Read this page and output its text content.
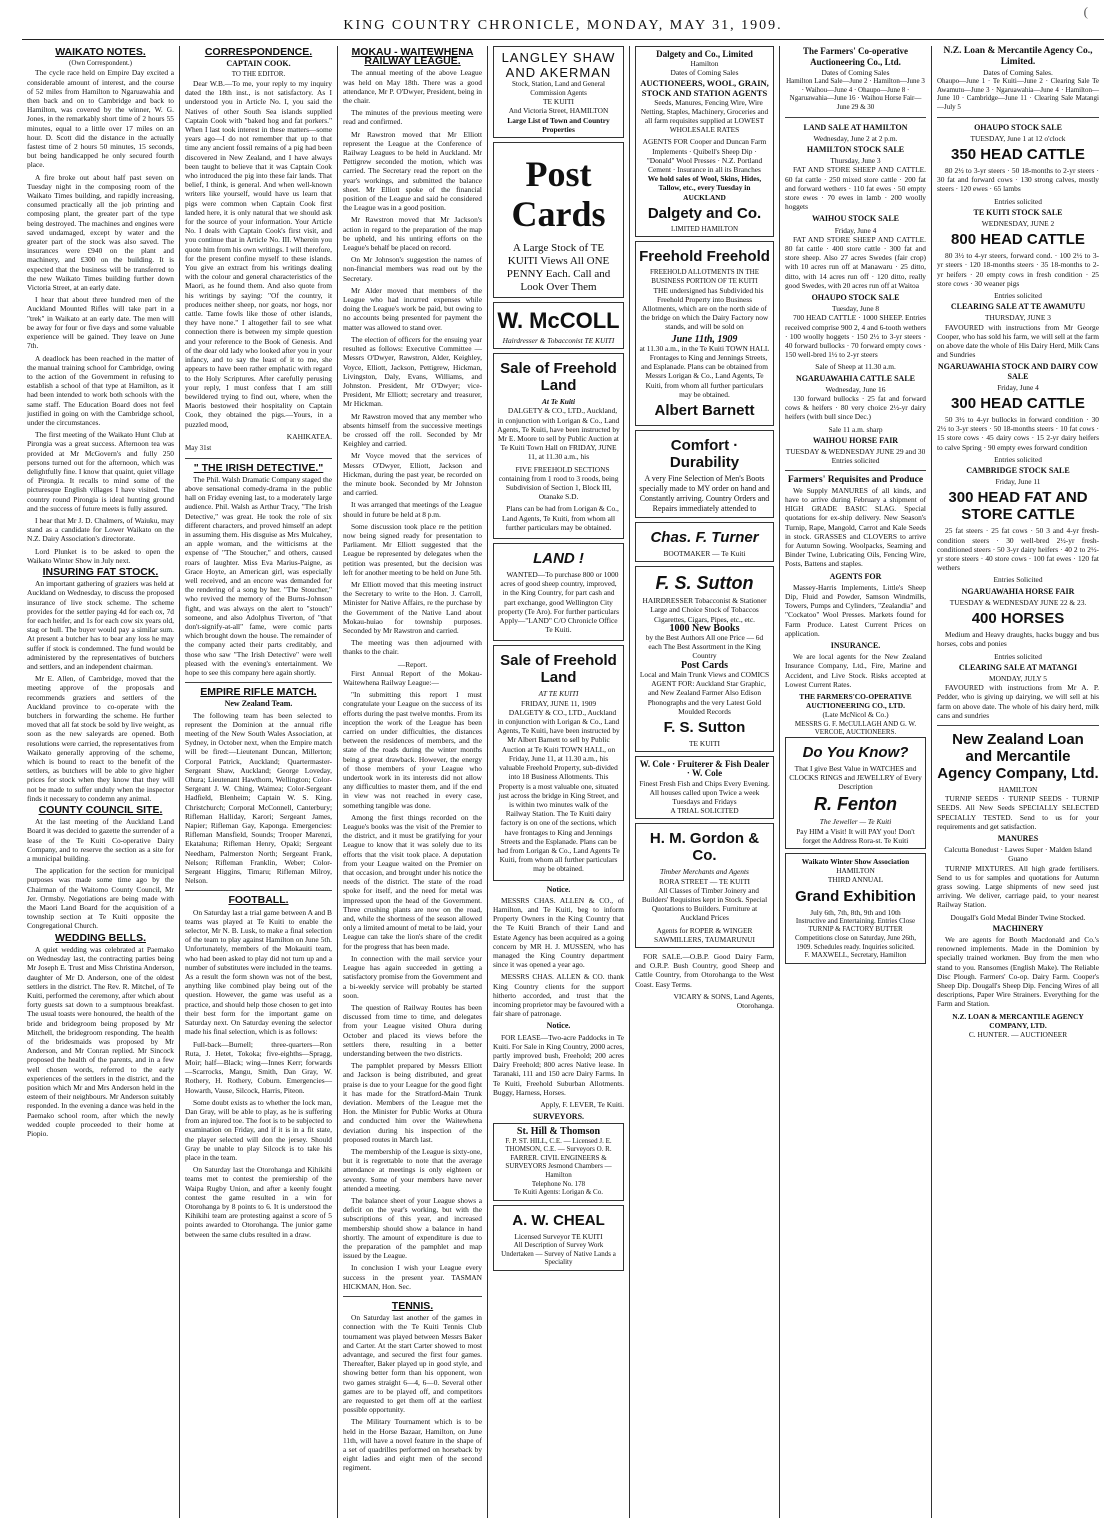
(
KING COUNTRY CHRONICLE, MONDAY, MAY 31, 1909.
WAIKATO NOTES.
(Own Correspondent.)

The cycle race held on Empire Day excited a considerable amount of interest, and the course of 52 miles from Hamilton to Ngaruawahia and then back and on to Cambridge and back to Hamilton, was covered by the winner, W. G. Jones, in the remarkably short time of 2 hours 55 minutes, equal to a little over 17 miles on an hour. D. Scott did the distance in the actually fastest time of 2 hours 50 minutes, 15 seconds, but being handicapped he only secured fourth place.

A fire broke out about half past seven on Tuesday night in the composing room of the Waikato Times building, and rapidly increasing, consumed practically all the job printing and composing plant, the greater part of the type being destroyed. The machines and engines were saved undamaged, except by water and the greater part of the stock was also saved. The insurances were £940 on the plant and machinery, and £300 on the building. It is expected that the business will be transferred to the new Waikato Times building further down Victoria Street, at an early date.

I hear that about three hundred men of the Auckland Mounted Rifles will take part in a "trek" in Waikato at an early date. The men will be away for four or five days and some valuable experience will be gained. They leave on June 7th.

A deadlock has been reached in the matter of the manual training school for Cambridge, owing to the action of the Government in refusing to establish a school of that type at Hamilton, as it had been intended to work both schools with the same staff. The Education Board does not feel justified in going on with the Cambridge school, under the circumstances.

The first meeting of the Waikato Hunt Club at Pirongia was a great success. Afternoon tea was provided at Mr McGovern's and fully 250 persons turned out for the afternoon, which was delightfully fine. I know that quaint, quiet village of Pirongia. It recalls to mind some of the picturesque English villages I have visited. The country round Pirongia is ideal hunting ground and the success of future meets is fully assured.

I hear that Mr J. D. Chalmers, of Waiuku, may stand as a candidate for Lower Waikato on the N.Z. Dairy Association's directorate.

Lord Plunket is to be asked to open the Waikato Winter Show in July next.

INSURING FAT STOCK.

An important gathering of graziers was held at Auckland on Wednesday, to discuss the proposed insurance of live stock scheme. The scheme provides for the settler paying 4d for each ox, 7d for each heifer, and 1s for each cow six years old, stag or bull. The buyer would pay a similar sum. At present a butcher has to bear any loss he may suffer if stock is condemned. The fund would be administered by the representatives of butchers and settlers, and an independent chairman.

Mr E. Allen, of Cambridge, moved that the meeting approve of the proposals and recommends graziers and settlers of the Auckland province to co-operate with the butchers in forwarding the scheme. He further moved that all fat stock be sold by live weight, as soon as the new saleyards are opened. Both resolutions were carried, the representatives from Waikato generally approving of the scheme, which is bound to react to the benefit of the settlers, as butchers will be able to give higher prices for stock when they know that they will not be made to suffer unduly when the inspector finds it necessary to condemn any animal.

COUNTY COUNCIL SITE.

At the last meeting of the Auckland Land Board it was decided to gazette the surrender of a lease of the Te Kuiti Co-operative Dairy Company, and to reserve the section as a site for a municipal building.

The application for the section for municipal purposes was made some time ago by the Chairman of the Waitomo County Council, Mr Jer. Ormsby. Negotiations are being made with the Maori Land Board for the acquisition of a township section at Te Kuiti opposite the Congregational Church.

WEDDING BELLS.

A quiet wedding was celebrated at Paemako on Wednesday last, the contracting parties being Mr Joseph E. Trust and Miss Christina Anderson, daughter of Mr D. Anderson, one of the oldest settlers in the district. The Rev. R. Mitchel, of Te Kuiti, performed the ceremony, after which about forty guests sat down to a sumptuous breakfast. The usual toasts were honoured, the health of the bride and bridegroom being proposed by Mr Mitchell, the bridegroom responding. The health of the bridesmaids was proposed by Mr Anderson, and Mr Conran replied. Mr Sincock proposed the health of the parents, and in a few well chosen words, referred to the early experiences of the settlers in the district, and the position which Mr and Mrs Anderson held in the esteem of their neighbours. Mr Anderson suitably responded. In the evening a dance was held in the Paemako school room, after which the newly wedded couple proceeded to their home at Piopio.

CORRESPONDENCE.
CAPTAIN COOK.
TO THE EDITOR.

Dear W.B.—To me, your reply to my inquiry dated the 18th inst., is not satisfactory. As I understood you in Article No. I, you said the Natives of other South Sea islands supplied Captain Cook with "baked hog and fat porkers." When I last took interest in these matters—some years ago—I do not remember that up to that time any ancient fossil remains of a pig had been discovered in New Zealand, and I have always been taught to believe that it was Captain Cook who introduced the pig into these fair lands. That belief, I think, is general. And when well-known writers like yourself, would have us learn that pigs were common when Captain Cook first landed here, it is only natural that we should ask for the source of your information. Your Article No. I deals with Captain Cook's first visit, and you continue that in Article No. III. Wherein you quote him from his own writings. I will therefore, for the present confine myself to these islands. You give an extract from his writings dealing with the colour and general characteristics of the Maori, as he found them. And also quote from his writings by saying: "Of the country, it produces neither sheep, nor goats, nor hogs, nor cattle. Tame fowls like those of other islands, they have none." I altogether fail to see what connection there is between my simple question and your reference to the Book of Genesis. And of the dear old lady who looked after you in your infancy, and to say the least of it to me, she appears to have been rather emphatic with regard to the Holy Scriptures. After carefully perusing your reply, I must confess that I am still bewildered trying to find out, where, when the Maoris bestowed their hospitality on Captain Cook, they obtained the pigs.—Yours, in a puzzled mood,

KAHIKATEA.
May 31st
" THE IRISH DETECTIVE."

The Phil. Walsh Dramatic Company staged the above sensational comedy-drama in the public hall on Friday evening last, to a moderately large audience. Phil. Walsh as Arthur Tracy, "The Irish Detective," was great. He took the role of six different characters, and proved himself an adept in assuming them. His disguise as Mrs Mulcahey, an apple woman, and the witticisms at the expense of "The Stoucher," and others, caused roars of laughter. Miss Eva Marius-Paigne, as Grace Hoyte, an American girl, was especially well received, and an encore was demanded for the rendering of a song by her. "The Stoucher," who revived the memory of the Burns-Johnson fight, and was always on the alert to "stouch" someone, and also Adolphus Tiverton, of "that don't-signify-at-all" fame, were comic parts which brought down the house. The remainder of the company acted their parts creditably, and those who saw "The Irish Detective" were well pleased with the evening's entertainment. We hope to see this company here again shortly.

EMPIRE RIFLE MATCH.
New Zealand Team.

The following team has been selected to represent the Dominion at the annual rifle meeting of the New South Wales Association, at Sydney, in October next, when the Empire match will be fired:—Lieutenant Duncan, Millerton; Corporal Patrick, Auckland; Quartermaster-Sergeant Shaw, Auckland; George Loveday, Ohura; Lieutenant Hawthorn, Wellington; Color-Sergeant J. W. Ching, Waimea; Color-Sergeant Hadfield, Blenheim; Captain W. S. King, Christchurch; Corporal McConnell, Canterbury; Rifleman Halliday, Karori; Sergeant James, Napier; Rifleman Gay, Kaponga. Emergencies: Rifleman Mansfield, Sounds; Trooper Marenzi, Ekatahuna; Rifleman Henry, Opaki; Sergeant Needham, Palmerston North; Sergeant Frank, Nelson; Rifleman Franklin, Weber; Color-Sergeant Higgins, Timaru; Rifleman Milroy, Nelson.

FOOTBALL.

On Saturday last a trial game between A and B teams was played at Te Kuiti to enable the selector, Mr N. B. Lusk, to make a final selection of the team to play against Hamilton on June 5th. Unfortunately, members of the Mokauiti team, who had been asked to play did not turn up and a number of substitutes were included in the teams. As a result the form shown was not of the best, anything like combined play being out of the question. However, the game was useful as a practice, and should help those chosen to get into their best form for the important game on Saturday next. On Saturday evening the selector made his final selection, which is as follows:

Full-back—Burnell; three-quarters—Ron Ruta, J. Hetet, Tokoka; five-eighths—Spragg, Moir; half—Black; wing—Innes Kerr; forwards—Scarrocks, Mangu, Smith, Dan Gray, W. Rothery, H. Rothery, Coburn. Emergencies—Howarth, Vause, Silcock, Harris, Piteon.

Some doubt exists as to whether the lock man, Dan Gray, will be able to play, as he is suffering from an injured toe. The foot is to be subjected to examination on Friday, and if it is in a fit state, the player selected will don the jersey. Should Gray be unable to play Silcock is to take his place in the team.

On Saturday last the Otorohanga and Kihikihi teams met to contest the premiership of the Waipa Rugby Union, and after a keenly fought contest the game resulted in a win for Otorohanga by 8 points to 6. It is understood the Kihikihi team are protesting against a score of 5 points awarded to Otorohanga. The junior game between the same clubs resulted in a draw.

MOKAU - WAITEWHENA RAILWAY LEAGUE.

The annual meeting of the above League was held on May 18th. There was a good attendance, Mr P. O'Dwyer, President, being in the chair.

The minutes of the previous meeting were read and confirmed.

Mr Rawstron moved that Mr Elliott represent the League at the Conference of Railway Leagues to be held in Auckland. Mr Pettigrew seconded the motion, which was carried. The Secretary read the report on the year's workings, and submitted the balance sheet. Mr Elliott spoke of the financial position of the League and said he considered the League was in a good position.

Mr Rawstron moved that Mr Jackson's action in regard to the preparation of the map be upheld, and his untiring efforts on the League's behalf be placed on record.

On Mr Johnson's suggestion the names of non-financial members was read out by the Secretary.

Mr Alder moved that members of the League who had incurred expenses while doing the League's work be paid, but owing to no accounts being presented for payment the matter was allowed to stand over.

The election of officers for the ensuing year resulted as follows: Executive Committee — Messrs O'Dwyer, Rawstron, Alder, Keighley, Voyce, Elliott, Jackson, Pettigrew, Hickman, Livingston, Daly, Evans, Williams, and Johnston. President, Mr O'Dwyer; vice-President, Mr Elliott; secretary and treasurer, Mr Hickman.

Mr Rawstron moved that any member who absents himself from the successive meetings be crossed off the roll. Seconded by Mr Keighley and carried.

Mr Voyce moved that the services of Messrs O'Dwyer, Elliott, Jackson and Hickman, during the past year, be recorded on the minute book. Seconded by Mr Johnston and carried.

It was arranged that meetings of the League should in future be held at 8 p.m.

Some discussion took place re the petition now being signed ready for presentation to Parliament. Mr Elliott suggested that the League be represented by delegates when the petition was presented, but the decision was left for another meeting to be held on June 5th.

Mr Elliott moved that this meeting instruct the Secretary to write to the Hon. J. Carroll, Minister for Native Affairs, re the purchase by the Government of the Native Land about Mokau-huiao for township purposes. Seconded by Mr Rawstron and carried.

The meeting was then adjourned with thanks to the chair.

—Report.

First Annual Report of the Mokau-Waitewhena Railway League:—

"In submitting this report I must congratulate your League on the success of its efforts during the past twelve months. From its inception the work of the League has been carried on under difficulties, the distances between the residences of members, and the state of the roads during the winter months being a great drawback. However, the energy of those members of your League who undertook work in its interests did not allow any difficulties to master them, and if the end in view was not reached in every case, something tangible was done.

Among the first things recorded on the League's books was the visit of the Premier to the district, and it must be gratifying for your League to know that it was solely due to its efforts that the visit took place. A deputation from your League waited on the Premier on that occasion, and brought under his notice the needs of the district. The state of the road spoke for itself, and the need for metal was impressed upon the head of the Government. Three crushing plants are now on the road, and, while the shortness of the season allowed only a limited amount of metal to be laid, your League can take the lion's share of the credit for the progress that has been made.

In connection with the mail service your League has again succeeded in getting a satisfactory promise from the Government and a bi-weekly service will probably be started soon.

The question of Railway Routes has been discussed from time to time, and delegates from your League visited Ohura during October and placed its views before the settlers there, resulting in a better understanding between the two districts.

The pamphlet prepared by Messrs Elliott and Jackson is being distributed, and great praise is due to your League for the good fight it has made for the Stratford-Main Trunk deviation. Members of the League met the Hon. the Minister for Public Works at Ohura and conducted him over the Waitewhena deviation during his inspection of the proposed routes in March last.

The membership of the League is sixty-one, but it is regrettable to note that the average attendance at meetings is only eighteen or seventy. Some of your members have never attended a meeting.

The balance sheet of your League shows a deficit on the year's working, but with the subscriptions of this year, and increased membership should show a balance in hand shortly. The amount of expenditure is due to the preparation of the pamphlet and map issued by the League.

In conclusion I wish your League every success in the present year. TASMAN HICKMAN, Hon. Sec.

TENNIS.

On Saturday last another of the games in connection with the Te Kuiti Tennis Club tournament was played between Messrs Baker and Carter. At the start Carter showed to most advantage, and secured the first four games. Thereafter, Baker played up in good style, and showing better form than his opponent, won two games straight 6—4, 6—0. Several other games are to be played off, and competitors are requested to get them off at the earliest possible opportunity.

The Military Tournament which is to be held in the Horse Bazaar, Hamilton, on June 11th, will have a novel feature in the shape of a set of quadrilles performed on horseback by eight ladies and eight men of the second regiment.

LANGLEY SHAW AND AKERMAN
Stock, Station, Land and General Commission Agents
TE KUITI
And Victoria Street, HAMILTON
Large List of Town and Country Properties
Post Cards
A Large Stock of TE KUITI Views All ONE PENNY Each. Call and Look Over Them
W. McCOLL
Hairdresser & Tobacconist TE KUITI
Sale of Freehold Land
At Te Kuiti

DALGETY & CO., LTD., Auckland, in conjunction with Lorigan & Co., Land Agents, Te Kuiti, have been instructed by Mr E. Moore to sell by Public Auction at Te Kuiti Town Hall on FRIDAY, JUNE 11, at 11.30 a.m., his

FIVE FREEHOLD SECTIONS containing from 1 rood to 3 roods, being Subdivision of Section 1, Block III, Otanake S.D.

Plans can be had from Lorigan & Co., Land Agents, Te Kuiti, from whom all further particulars may be obtained.

LAND !

WANTED—To purchase 800 or 1000 acres of good sheep country, improved, in the King Country, for part cash and part exchange, good Wellington City property (Te Aro). For further particulars Apply—"LAND" C/O Chronicle Office Te Kuiti.

Sale of Freehold Land
AT TE KUITI
FRIDAY, JUNE 11, 1909

DALGETY & CO., LTD., Auckland in conjunction with Lorigan & Co., Land Agents, Te Kuiti, have been instructed by Mr Albert Barnett to sell by Public Auction at Te Kuiti TOWN HALL, on Friday, June 11, at 11.30 a.m., his valuable Freehold Property, sub-divided into 18 Business Allotments. This Property is a most valuable one, situated just across the bridge in King Street, and is within two minutes walk of the Railway Station. The Te Kuiti dairy factory is on one of the sections, which have frontages to King and Jennings Streets and the Esplanade. Plans can be had from Lorigan & Co., Land Agents Te Kuiti, from whom all further particulars may be obtained.

Notice.

MESSRS CHAS. ALLEN & CO., of Hamilton, and Te Kuiti, beg to inform Property Owners in the King Country that the Te Kuiti Branch of their Land and Estate Agency has been acquired as a going concern by MR H. J. MUSSEN, who has managed the King Country department since it was opened a year ago.

MESSRS CHAS. ALLEN & CO. thank King Country clients for the support hitherto accorded, and trust that the incoming proprietor may be favoured with a fair share of patronage.

Notice.

FOR LEASE—Two-acre Paddocks in Te Kuiti. For Sale in King Country, 2000 acres, partly improved bush, Freehold; 200 acres Dairy Freehold; 800 acres Native lease. In Taranaki, 111 and 150 acre Dairy Farms. In Te Kuiti, Freehold Suburban Allotments. Buggy, Harness, Horses.

Apply, F. LEVER, Te Kuiti.
SURVEYORS.
St. Hill & Thomson
F. P. ST. HILL, C.E. — Licensed J. E. THOMSON, C.E. — Surveyors O. R. FARRER. CIVIL ENGINEERS & SURVEYORS Jesmond Chambers — Hamilton
Telephone No. 178
Te Kuiti Agents: Lorigan & Co.
A. W. CHEAL
Licensed Surveyor TE KUITI
All Description of Survey Work Undertaken — Survey of Native Lands a Speciality
Dalgety and Co., Limited
Hamilton
Dates of Coming Sales
AUCTIONEERS, WOOL, GRAIN, STOCK AND STATION AGENTS

Seeds, Manures, Fencing Wire, Wire Netting, Staples, Machinery, Groceries and all farm requisites supplied at LOWEST WHOLESALE RATES

AGENTS FOR Cooper and Duncan Farm Implements · Quibell's Sheep Dip · "Donald" Wool Presses · N.Z. Portland Cement · Insurance in all its Branches
We hold sales of Wool, Skins, Hides, Tallow, etc., every Tuesday in AUCKLAND
Dalgety and Co.
LIMITED HAMILTON
Freehold Freehold
FREEHOLD ALLOTMENTS IN THE BUSINESS PORTION OF TE KUITI

THE undersigned has Subdivided his Freehold Property into Business Allotments, which are on the north side of the bridge on which the Dairy Factory now stands, and will be sold on

June 11th, 1909
at 11.30 a.m., in the Te Kuiti TOWN HALL

Frontages to King and Jennings Streets, and Esplanade. Plans can be obtained from Messrs Lorigan & Co., Land Agents, Te Kuiti, from whom all further particulars may be obtained.

Albert Barnett
Comfort · Durability
A very Fine Selection of Men's Boots specially made to MY order on hand and Constantly arriving. Country Orders and Repairs immediately attended to
Chas. F. Turner
BOOTMAKER — Te Kuiti
F. S. Sutton
HAIRDRESSER Tobacconist & Stationer
Large and Choice Stock of Tobaccos Cigarettes, Cigars, Pipes, etc., etc.
1000 New Books
by the Best Authors All one Price — 6d each The Best Assortment in the King Country
Post Cards
Local and Main Trunk Views and COMICS

AGENT FOR: Auckland Star Graphic, and New Zealand Farmer Also Edison Phonographs and the very Latest Gold Moulded Records

F. S. Sutton
TE KUITI
W. Cole · Fruiterer & Fish Dealer · W. Cole
Finest Fresh Fish and Chips Every Evening. All houses called upon Twice a week Tuesdays and Fridays
A TRIAL SOLICITED
H. M. Gordon & Co.
Timber Merchants and Agents
RORA STREET — TE KUITI

All Classes of Timber Joinery and Builders' Requisites kept in Stock. Special Quotations to Builders. Furniture at Auckland Prices

Agents for ROPER & WINGER SAWMILLERS, TAUMARUNUI

FOR SALE.—O.B.P. Good Dairy Farm, and O.R.P. Bush Country, good Sheep and Cattle Country, from Otorohanga to the West Coast. Easy Terms.

VICARY & SONS, Land Agents, Otorohanga.
The Farmers' Co-operative Auctioneering Co., Ltd.
Dates of Coming Sales
Hamilton Land Sale—June 2 · Hamilton—June 3 · Waihou—June 4 · Ohaupo—June 8 · Ngaruawahia—June 16 · Waihou Horse Fair—June 29 & 30
LAND SALE AT HAMILTON
Wednesday, June 2 at 2 p.m.
HAMILTON STOCK SALE
Thursday, June 3

FAT AND STORE SHEEP AND CATTLE. 60 fat cattle · 250 mixed store cattle · 200 fat and forward wethers · 110 fat ewes · 50 empty store ewes · 70 ewes in lamb · 200 woolly hoggets

WAIHOU STOCK SALE
Friday, June 4

FAT AND STORE SHEEP AND CATTLE. 80 fat cattle · 400 store cattle · 300 fat and store sheep. Also 27 acres Swedes (fair crop) with 10 acres run off at Manawaru · 25 ditto, ditto, with 14 acres run off · 120 ditto, really good Swedes, with 20 acres run off at Waitoa

OHAUPO STOCK SALE
Tuesday, June 8

700 HEAD CATTLE · 1000 SHEEP. Entries received comprise 900 2, 4 and 6-tooth wethers · 100 woolly hoggets · 150 2½ to 3-yr steers · 40 forward bullocks · 70 forward empty cows · 150 well-bred 1½ to 2-yr steers

Sale of Sheep at 11.30 a.m.
NGARUAWAHIA CATTLE SALE
Wednesday, June 16

130 forward bullocks · 25 fat and forward cows & heifers · 80 very choice 2½-yr dairy heifers (with bull since Dec.)

Sale 11 a.m. sharp
WAIHOU HORSE FAIR
TUESDAY & WEDNESDAY JUNE 29 and 30
Entries solicited
Farmers' Requisites and Produce

We Supply MANURES of all kinds, and have to arrive during February a shipment of HIGH GRADE BASIC SLAG. Special quotations for ex-ship delivery. New Season's Turnip, Rape, Mangold, Carrot and Kale Seeds in stock. GRASSES and CLOVERS to arrive for Autumn Sowing. Woolpacks, Seaming and Binder Twine, Lubricating Oils, Fencing Wire, Posts, Battens and staples.

AGENTS FOR

Massey-Harris Implements, Little's Sheep Dip, Fluid and Powder, Samson Windmills, Towers, Pumps and Cylinders, "Zealandia" and "Cockatoo" Wool Presses. Markets found for Farm Produce. Latest Current Prices on application.

INSURANCE.

We are local agents for the New Zealand Insurance Company, Ltd., Fire, Marine and Accident, and Live Stock. Risks accepted at Lowest Current Rates.

THE FARMERS'CO-OPERATIVE AUCTIONEERING CO., LTD.
(Late McNicol & Co.)
MESSRS G. F. McCULLAGH AND G. W. VERCOE, AUCTIONEERS.
Do You Know?
That I give Best Value in WATCHES and CLOCKS RINGS and JEWELLRY of Every Description
R. Fenton
The Jeweller — Te Kuiti
Pay HIM a Visit! It will PAY you! Don't forget the Address Rora-st. Te Kuiti
Waikato Winter Show Association
HAMILTON
THIRD ANNUAL
Grand Exhibition
July 6th, 7th, 8th, 9th and 10th
Instructive and Entertaining. Entries Close TURNIP & FACTORY BUTTER Competitions close on Saturday, June 26th, 1909. Schedules ready. Inquiries solicited.
F. MAXWELL, Secretary, Hamilton
N.Z. Loan & Mercantile Agency Co., Limited.
Dates of Coming Sales.
Ohaupo—June 1 · Te Kuiti—June 2 · Clearing Sale Te Awamutu—June 3 · Ngaruawahia—June 4 · Hamilton—June 10 · Cambridge—June 11 · Clearing Sale Matangi—July 5
OHAUPO STOCK SALE
TUESDAY, June 1 at 12 o'clock
350 HEAD CATTLE

80 2½ to 3-yr steers · 50 18-months to 2-yr steers · 30 fat and forward cows · 130 strong calves, mostly steers · 120 ewes · 65 lambs

Entries solicited
TE KUITI STOCK SALE
WEDNESDAY, JUNE 2
800 HEAD CATTLE

80 3½ to 4-yr steers, forward cond. · 100 2½ to 3-yr steers · 120 18-months steers · 35 18-months to 2-yr heifers · 20 empty cows in fresh condition · 25 store cows · 30 weaner pigs

Entries solicited
CLEARING SALE AT TE AWAMUTU
THURSDAY, JUNE 3

FAVOURED with instructions from Mr George Cooper, who has sold his farm, we will sell at the farm on above date the whole of His Dairy Herd, Milk Cans and Sundries

NGARUAWAHIA STOCK AND DAIRY COW SALE
Friday, June 4
300 HEAD CATTLE

50 3½ to 4-yr bullocks in forward condition · 30 2½ to 3-yr steers · 50 18-months steers · 10 fat cows · 15 store cows · 45 dairy cows · 15 2-yr dairy heifers to calve Spring · 90 empty ewes forward condition

Entries solicited
CAMBRIDGE STOCK SALE
Friday, June 11
300 HEAD FAT AND STORE CATTLE

25 fat steers · 25 fat cows · 50 3 and 4-yr fresh-condition steers · 30 well-bred 2½-yr fresh-conditioned steers · 50 3-yr dairy heifers · 40 2 to 2½-yr store steers · 40 store cows · 100 fat ewes · 120 fat wethers

Entries Solicited
NGARUAWAHIA HORSE FAIR
TUESDAY & WEDNESDAY JUNE 22 & 23.
400 HORSES

Medium and Heavy draughts, hacks buggy and bus horses, cobs and ponies

Entries solicited
CLEARING SALE AT MATANGI
MONDAY, JULY 5

FAVOURED with instructions from Mr A. P. Pedder, who is giving up dairying, we will sell at his farm on above date. The whole of his dairy herd, milk cans and sundries

New Zealand Loan and Mercantile Agency Company, Ltd.
HAMILTON

TURNIP SEEDS · TURNIP SEEDS · TURNIP SEEDS. All New Seeds SPECIALLY SELECTED SPECIALLY TESTED. Send to us for your requirements and get satisfaction.

MANURES
Calcutta Bonedust · Lawes Super · Malden Island Guano

TURNIP MIXTURES. All high grade fertilisers. Send to us for samples and quotations for Autumn grass sowing. Large shipments of new seed just arriving. We deliver, carriage paid, to your nearest Railway Station.

Dougall's Gold Medal Binder Twine Stocked.
MACHINERY

We are agents for Booth Macdonald and Co.'s renowned implements. Made in the Dominion by specially trained workmen. Buy from the men who stand to you. Ransomes (English Make). The Reliable Disc Plough. Farmers' Co-op. Dairy Farm. Cooper's Sheep Dip. Dougall's Sheep Dip. Fencing Wires of all descriptions, Paper Wire Strainers. Everything for the Farm and Station.

N.Z. LOAN & MERCANTILE AGENCY COMPANY, LTD.
C. HUNTER. — AUCTIONEER
